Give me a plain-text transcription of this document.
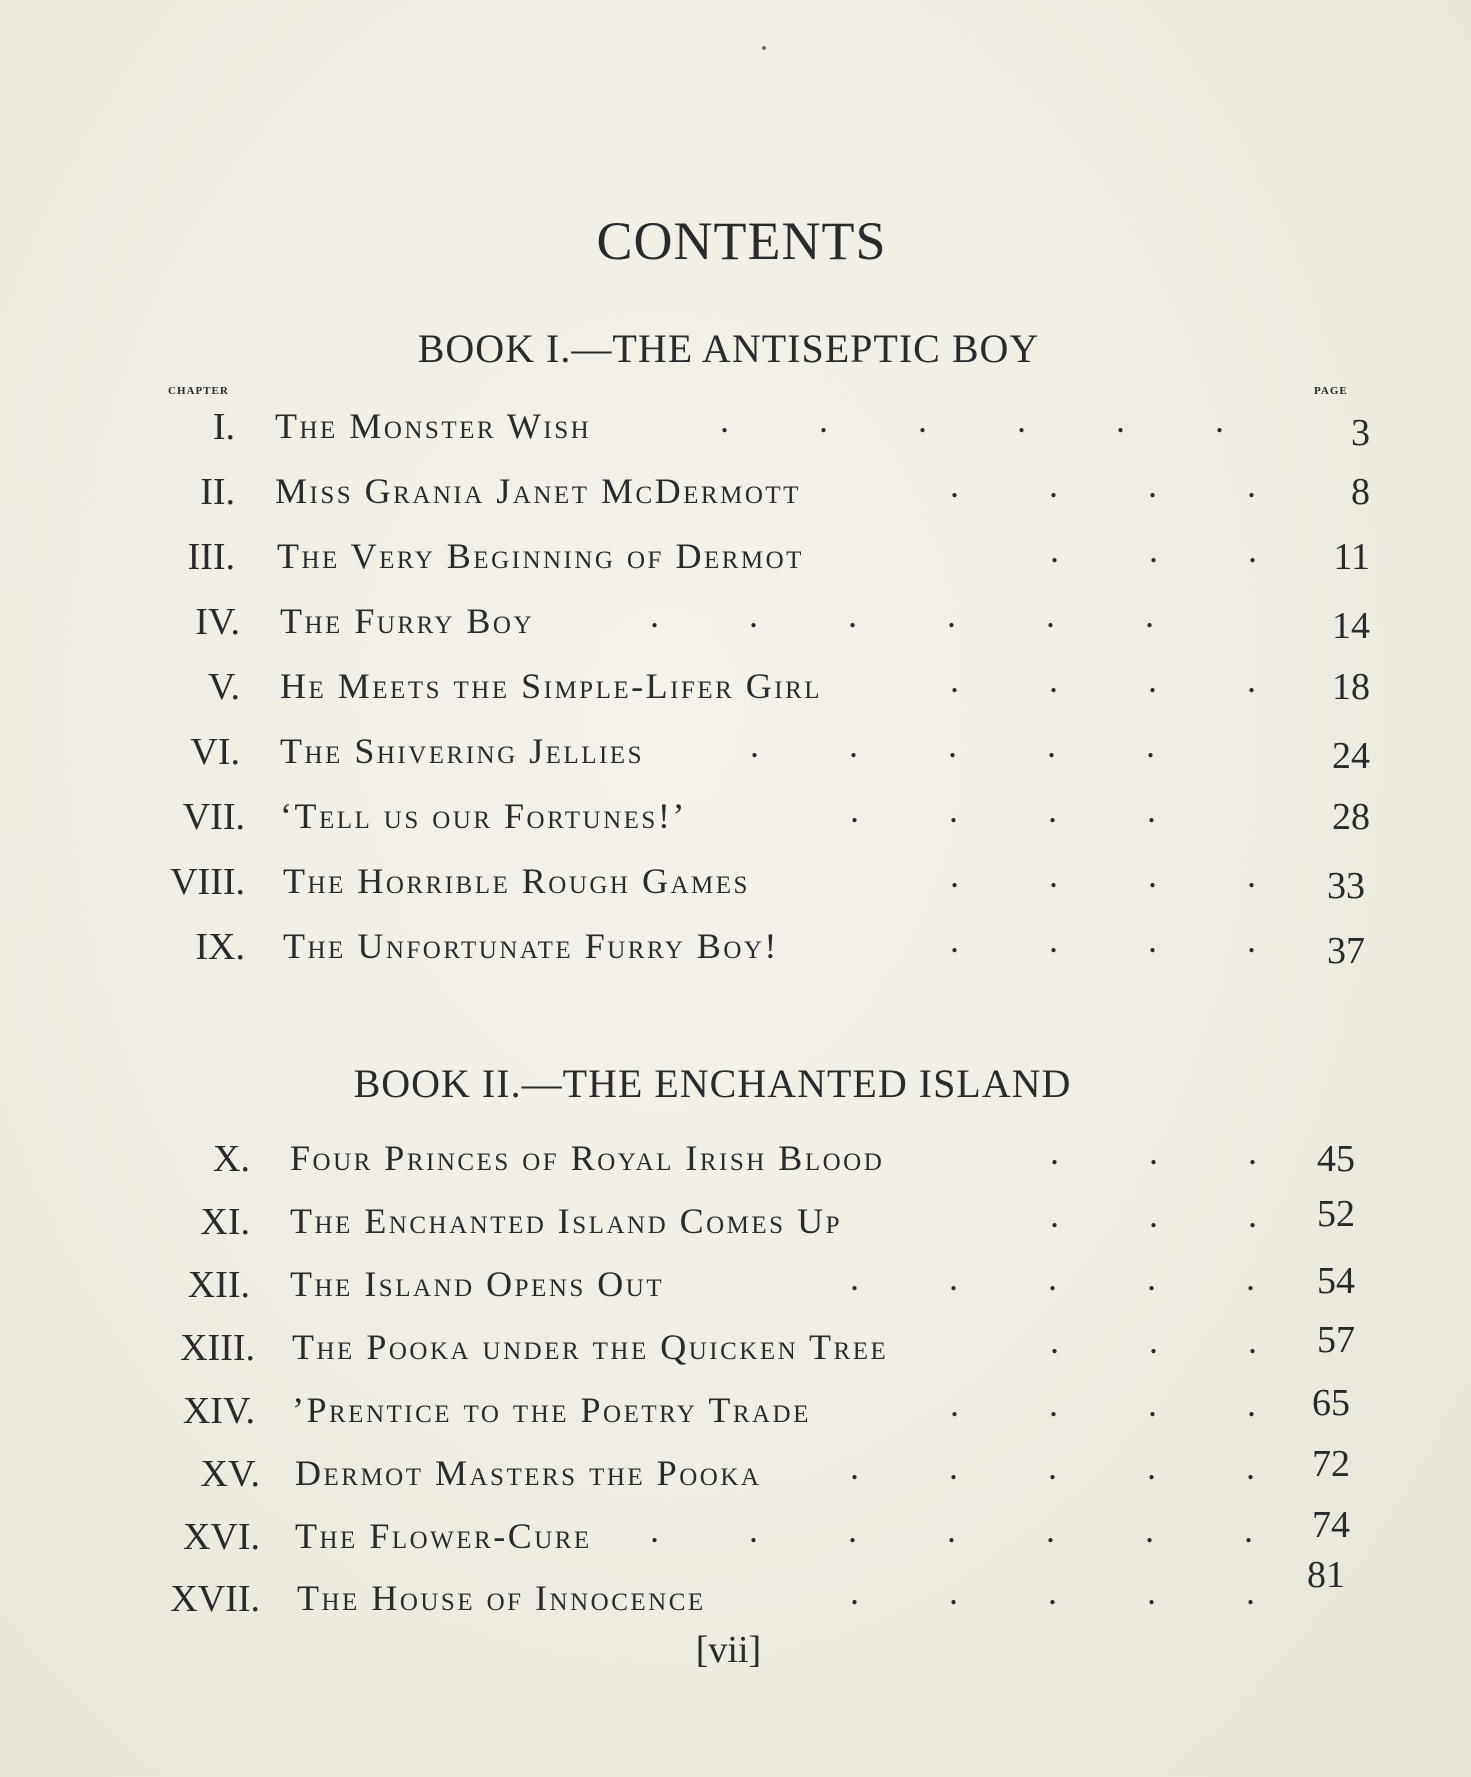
CONTENTS
BOOK I.—THE ANTISEPTIC BOY
chapter	page
I. The Monster Wish	.	.	.	.	.	.	3
II. Miss Grania Janet McDermott	.	.	.	.	8
III. The Very Beginning of Dermot	.	.	.	11
IV. The Furry Boy	.	.	.	.	.	.	14
V. He Meets the Simple-Lifer Girl	.	.	.	.	18
VI. The Shivering Jellies	.	.	.	.	.	24
VII. ‘Tell us our Fortunes!’	.	.	.	.	28
VIII. The Horrible Rough Games	.	.	.	.	33
IX. The Unfortunate Furry Boy!	.	.	.	.	37
BOOK II.—THE ENCHANTED ISLAND
X. Four Princes of Royal Irish Blood	.	.	.	45
XI. The Enchanted Island Comes Up	.	.	.	52
XII. The Island Opens Out	.	.	.	.	.	54
XIII. The Pooka under the Quicken Tree	.	.	.	57
XIV. ’Prentice to the Poetry Trade	.	.	.	.	65
XV. Dermot Masters the Pooka .	.	.	.	.	72
XVI. The Flower-Cure .	.	.	.	.	.	.	74
XVII. The House of Innocence	.	.	.	.	.	81
[vii]
